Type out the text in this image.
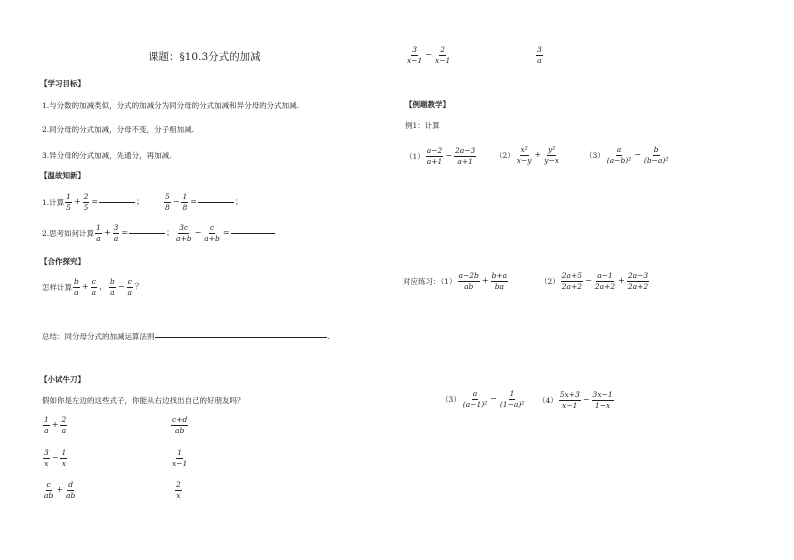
课题：§10.3分式的加减
【学习目标】
1.与分数的加减类似，分式的加减分为同分母的分式加减和异分母的分式加减.
2.同分母的分式加减，分母不变，分子相加减.
3.异分母的分式加减，先通分，再加减.
【温故知新】
1.计算 $\frac{1}{5} + \frac{2}{5}$ =	；	$\frac{5}{8} - \frac{1}{8}$ =	；
2.思考如何计算 $\frac{1}{a} + \frac{3}{a}$ =	； $\frac{3c}{a+b} - \frac{c}{a+b}$ =
【合作探究】
怎样计算 $\frac{b}{a} + \frac{c}{a}$ ， $\frac{b}{a} - \frac{c}{a}$ ？
总结：同分母分式的加减运算法则	.
【小试牛刀】
假如你是左边的这些式子，你能从右边找出自己的好朋友吗？
$\frac{1}{a} + \frac{2}{a}$
$\frac{3}{x} - \frac{1}{x}$
$\frac{c}{ab} + \frac{d}{ab}$
$\frac{c+d}{ab}$
$\frac{1}{x-1}$
$\frac{2}{x}$
$\frac{3}{x-1} - \frac{2}{x-1}$	$\frac{3}{a}$
【例题教学】
例1：计算
$(1) \frac{a-2}{a+1} - \frac{2a-3}{a+1} (2) \frac{\text{x²}}{x-y} + \frac{\text{y²}}{y-x}$	$(3) \frac{a}{\text{(a−b)²}} - \frac{b}{\text{(b−a)²}}$
对应练习：$(1) \frac{a-2b}{ab} + \frac{b+a}{ba}$	$(2) \frac{2a+5}{2a+2} - \frac{a-1}{2a+2} + \frac{2a-3}{2a+2}$
$(3) \frac{a}{\text{(a−1)²}} - \frac{1}{\text{(1−a)²}} (4) \frac{5x+3}{x-1} - \frac{3x-1}{1-x}$
